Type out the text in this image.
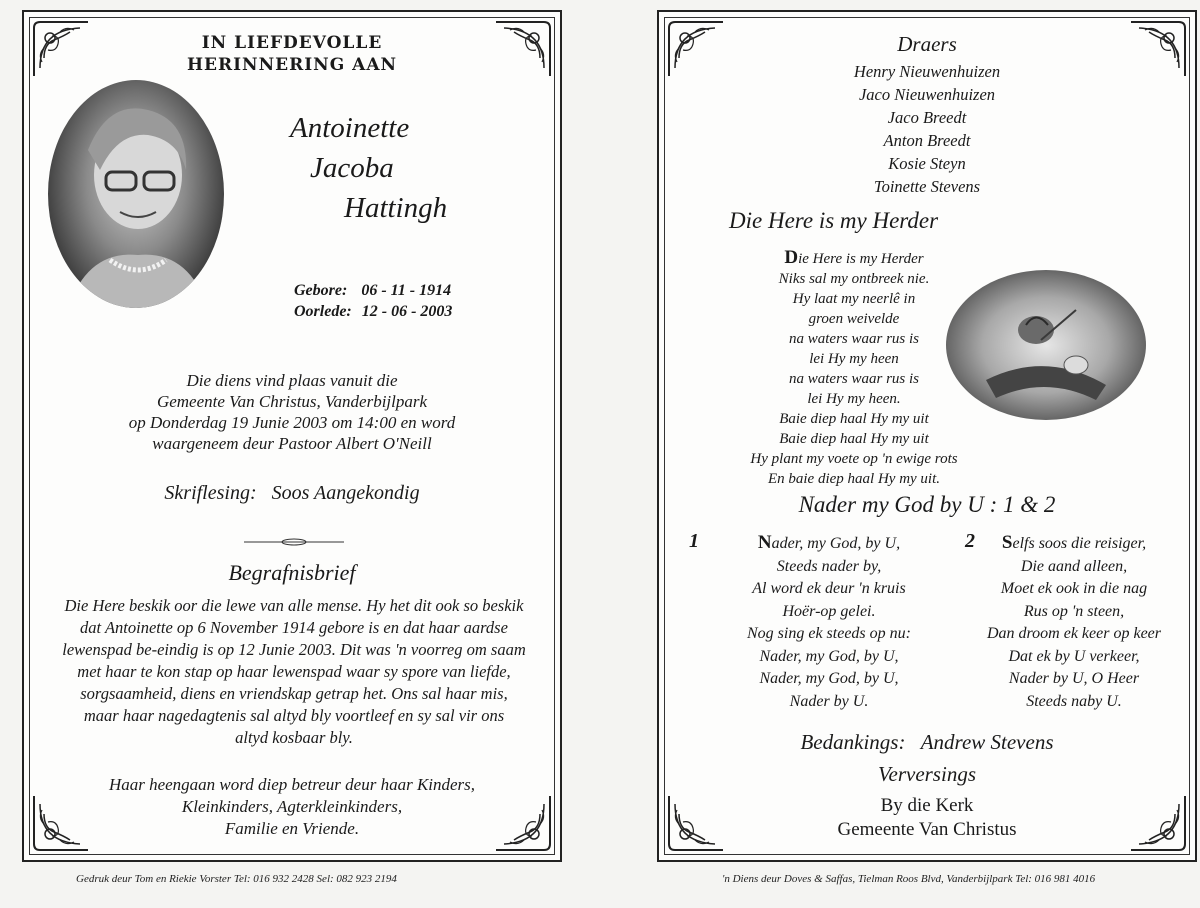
IN LIEFDEVOLLE
HERINNERING AAN
Antoinette
Jacoba
Hattingh
Gebore: 06 - 11 - 1914
Oorlede: 12 - 06 - 2003
Die diens vind plaas vanuit die
Gemeente Van Christus, Vanderbijlpark
op Donderdag 19 Junie 2003 om 14:00 en word
waargeneem deur Pastoor Albert O'Neill
Skriflesing: Soos Aangekondig
Begrafnisbrief
Die Here beskik oor die lewe van alle mense. Hy het dit ook so beskik
dat Antoinette op 6 November 1914 gebore is en dat haar aardse
lewenspad be-eindig is op 12 Junie 2003. Dit was 'n voorreg om saam
met haar te kon stap op haar lewenspad waar sy spore van liefde,
sorgsaamheid, diens en vriendskap getrap het. Ons sal haar mis,
maar haar nagedagtenis sal altyd bly voortleef en sy sal vir ons
altyd kosbaar bly.
Haar heengaan word diep betreur deur haar Kinders,
Kleinkinders, Agterkleinkinders,
Familie en Vriende.
Gedruk deur Tom en Riekie Vorster Tel: 016 932 2428 Sel: 082 923 2194
Draers
Henry Nieuwenhuizen
Jaco Nieuwenhuizen
Jaco Breedt
Anton Breedt
Kosie Steyn
Toinette Stevens
Die Here is my Herder
Die Here is my Herder
Niks sal my ontbreek nie.
Hy laat my neerlê in
groen weivelde
na waters waar rus is
lei Hy my heen
na waters waar rus is
lei Hy my heen.
Baie diep haal Hy my uit
Baie diep haal Hy my uit
Hy plant my voete op 'n ewige rots
En baie diep haal Hy my uit.
Nader my God by U : 1 & 2
1	Nader, my God, by U,
Steeds nader by,
Al word ek deur 'n kruis
Hoër-op gelei.
Nog sing ek steeds op nu:
Nader, my God, by U,
Nader, my God, by U,
Nader by U.
2	Selfs soos die reisiger,
Die aand alleen,
Moet ek ook in die nag
Rus op 'n steen,
Dan droom ek keer op keer
Dat ek by U verkeer,
Nader by U, O Heer
Steeds naby U.
Bedankings: Andrew Stevens
Verversings
By die Kerk
Gemeente Van Christus
'n Diens deur Doves & Saffas, Tielman Roos Blvd, Vanderbijlpark Tel: 016 981 4016
